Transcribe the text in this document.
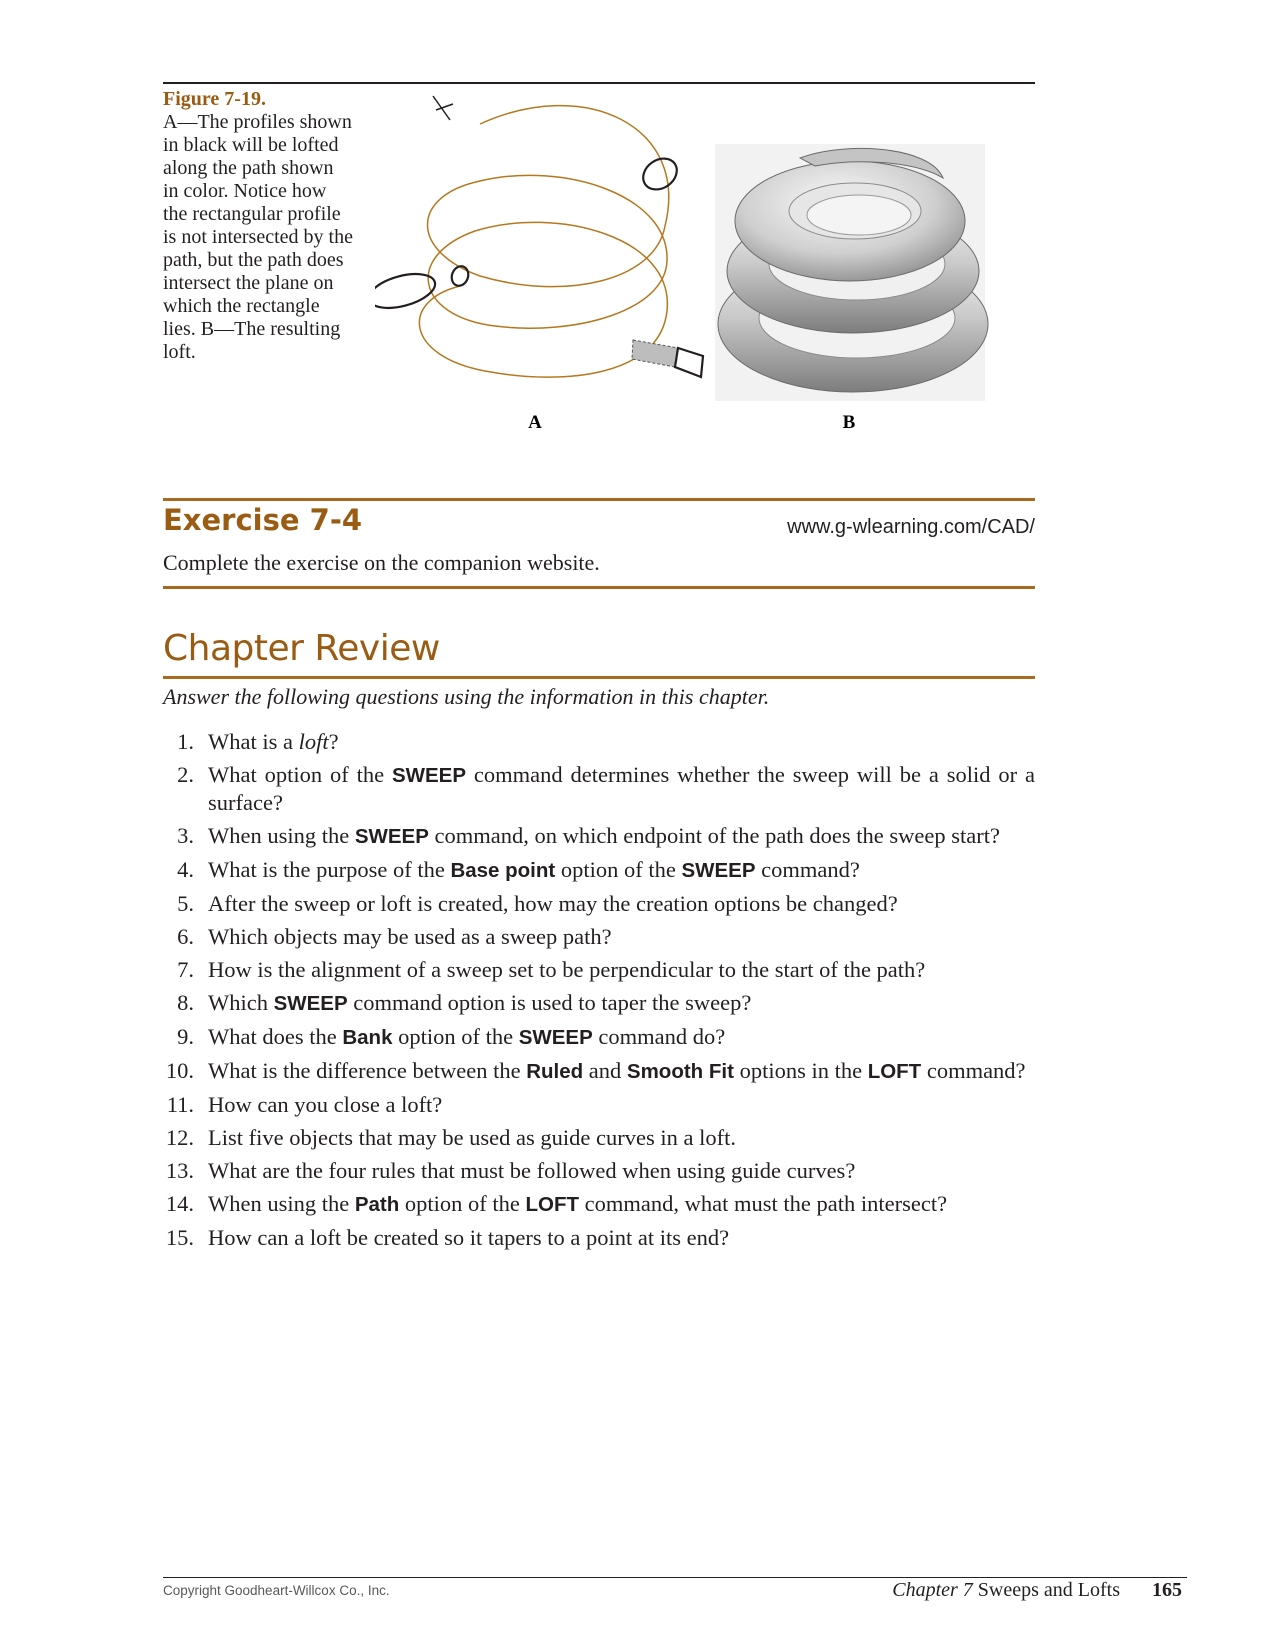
Figure 7-19.
A—The profiles shown in black will be lofted along the path shown in color. Notice how the rectangular profile is not intersected by the path, but the path does intersect the plane on which the rectangle lies. B—The resulting loft.
A	B
Exercise 7-4	www.g-wlearning.com/CAD/
Complete the exercise on the companion website.
Chapter Review
Answer the following questions using the information in this chapter.
1. What is a loft?
2. What option of the SWEEP command determines whether the sweep will be a solid or a surface?
3. When using the SWEEP command, on which endpoint of the path does the sweep start?
4. What is the purpose of the Base point option of the SWEEP command?
5. After the sweep or loft is created, how may the creation options be changed?
6. Which objects may be used as a sweep path?
7. How is the alignment of a sweep set to be perpendicular to the start of the path?
8. Which SWEEP command option is used to taper the sweep?
9. What does the Bank option of the SWEEP command do?
10. What is the difference between the Ruled and Smooth Fit options in the LOFT command?
11. How can you close a loft?
12. List five objects that may be used as guide curves in a loft.
13. What are the four rules that must be followed when using guide curves?
14. When using the Path option of the LOFT command, what must the path intersect?
15. How can a loft be created so it tapers to a point at its end?
Copyright Goodheart-Willcox Co., Inc.	Chapter 7 Sweeps and Lofts 165
